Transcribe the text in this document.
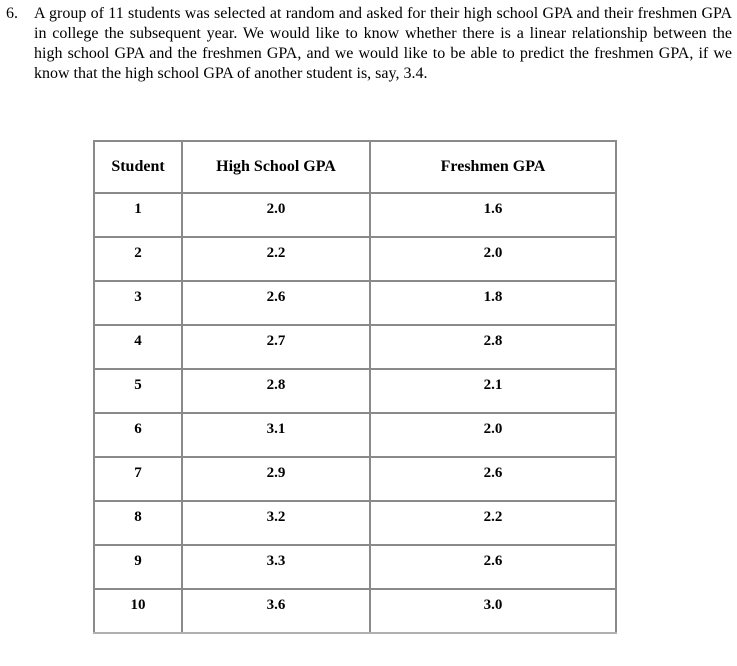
6. A group of 11 students was selected at random and asked for their high school GPA and their freshmen GPA in college the subsequent year. We would like to know whether there is a linear relationship between the high school GPA and the freshmen GPA, and we would like to be able to predict the freshmen GPA, if we know that the high school GPA of another student is, say, 3.4.
Student	High School GPA	Freshmen GPA
1	2.0	1.6
2	2.2	2.0
3	2.6	1.8
4	2.7	2.8
5	2.8	2.1
6	3.1	2.0
7	2.9	2.6
8	3.2	2.2
9	3.3	2.6
10	3.6	3.0
